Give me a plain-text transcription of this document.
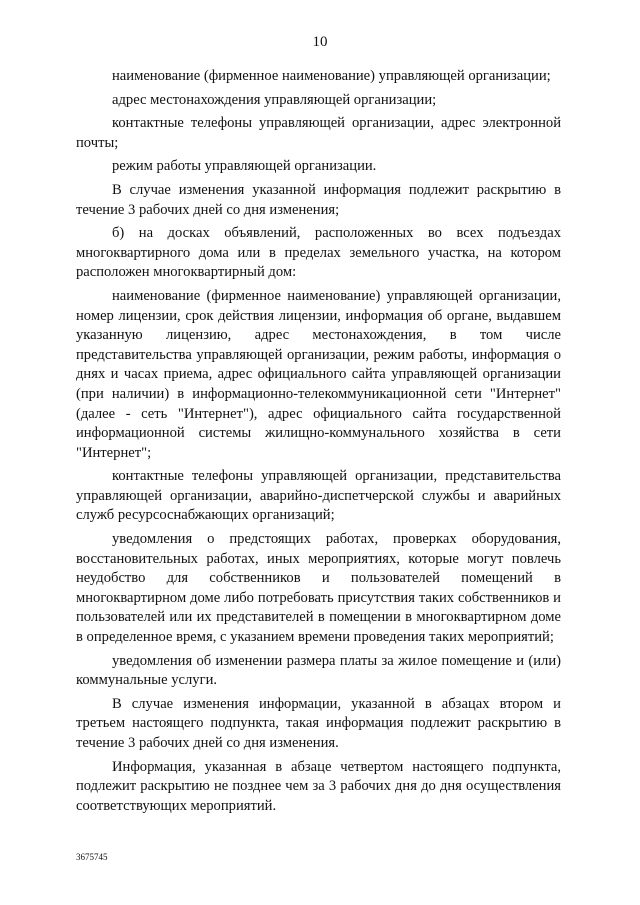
10

наименование (фирменное наименование) управляющей организации;

адрес местонахождения управляющей организации;

контактные телефоны управляющей организации, адрес электронной почты;

режим работы управляющей организации.

В случае изменения указанной информация подлежит раскрытию в течение 3 рабочих дней со дня изменения;

б) на досках объявлений, расположенных во всех подъездах многоквартирного дома или в пределах земельного участка, на котором расположен многоквартирный дом:

наименование (фирменное наименование) управляющей организации, номер лицензии, срок действия лицензии, информация об органе, выдавшем указанную лицензию, адрес местонахождения, в том числе представительства управляющей организации, режим работы, информация о днях и часах приема, адрес официального сайта управляющей организации (при наличии) в информационно-телекоммуникационной сети "Интернет" (далее - сеть "Интернет"), адрес официального сайта государственной информационной системы жилищно-коммунального хозяйства в сети "Интернет";

контактные телефоны управляющей организации, представительства управляющей организации, аварийно-диспетчерской службы и аварийных служб ресурсоснабжающих организаций;

уведомления о предстоящих работах, проверках оборудования, восстановительных работах, иных мероприятиях, которые могут повлечь неудобство для собственников и пользователей помещений в многоквартирном доме либо потребовать присутствия таких собственников и пользователей или их представителей в помещении в многоквартирном доме в определенное время, с указанием времени проведения таких мероприятий;

уведомления об изменении размера платы за жилое помещение и (или) коммунальные услуги.

В случае изменения информации, указанной в абзацах втором и третьем настоящего подпункта, такая информация подлежит раскрытию в течение 3 рабочих дней со дня изменения.

Информация, указанная в абзаце четвертом настоящего подпункта, подлежит раскрытию не позднее чем за 3 рабочих дня до дня осуществления соответствующих мероприятий.

3675745
